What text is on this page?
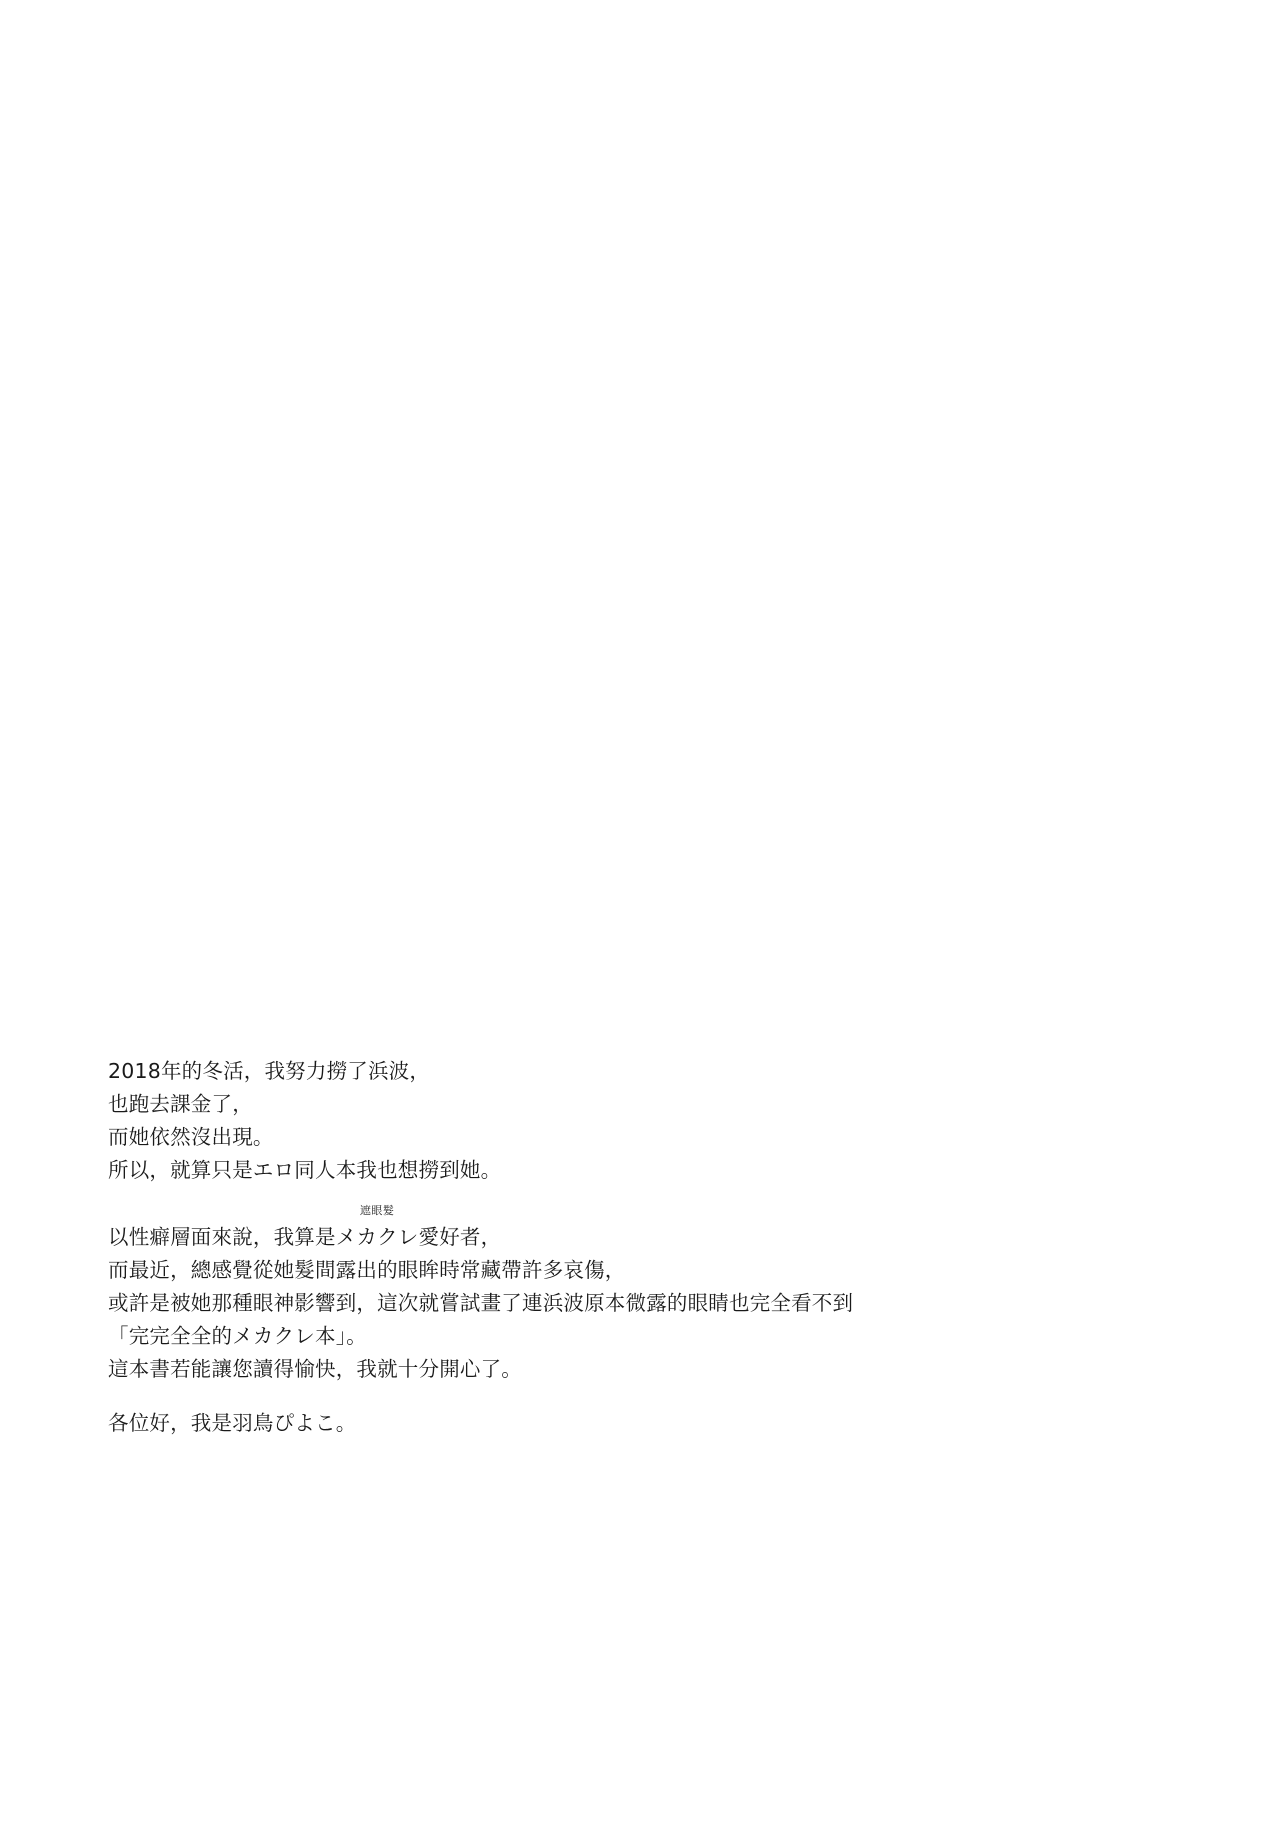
2018年的冬活，我努力撈了浜波，
也跑去課金了，
而她依然沒出現。
所以，就算只是エロ同人本我也想撈到她。

以性癖層面來說，我算是
遮眼髮
メカクレ愛好者，
而最近，總感覺從她髮間露出的眼眸時常藏帶許多哀傷，
或許是被她那種眼神影響到，這次就嘗試畫了連浜波原本微露的眼睛也完全看不到
「完完全全的メカクレ本」。
這本書若能讓您讀得愉快，我就十分開心了。

各位好，我是羽鳥ぴよこ。
